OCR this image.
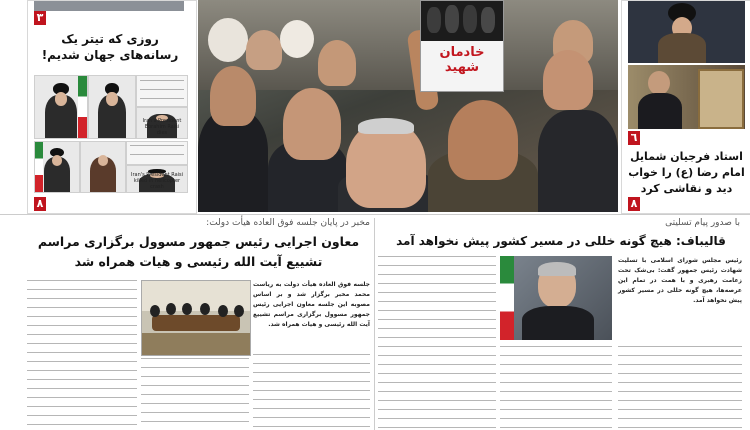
٣
روزی که تیتر یک رسانه‌های جهان شدیم!
Iran's President Ebrahim Raisi dies
Iran's President Raisi killed in helicopter crash
٨
خادمان شهید
٦
استاد فرجیان شمایل امام رضا (ع) را خواب دید و نقاشی کرد
٨
مخبر در پایان جلسه فوق العاده هیأت دولت:
معاون اجرایی رئیس جمهور مسوول برگزاری مراسم تشییع آیت الله رئیسی و هیات همراه شد
جلسه فوق العاده هیأت دولت به ریاست محمد مخبر برگزار شد و بر اساس مصوبه این جلسه معاون اجرایی رئیس جمهور مسوول برگزاری مراسم تشییع آیت الله رئیسی و هیات همراه شد.
با صدور پیام تسلیتی
قالیباف: هیچ گونه خللی در مسیر کشور پیش نخواهد آمد
رئیس مجلس شورای اسلامی با تسلیت شهادت رئیس جمهور گفت: بی‌شک تحت زعامت رهبری و با همت در تمام این عرصه‌ها، هیچ گونه خللی در مسیر کشور پیش نخواهد آمد.
